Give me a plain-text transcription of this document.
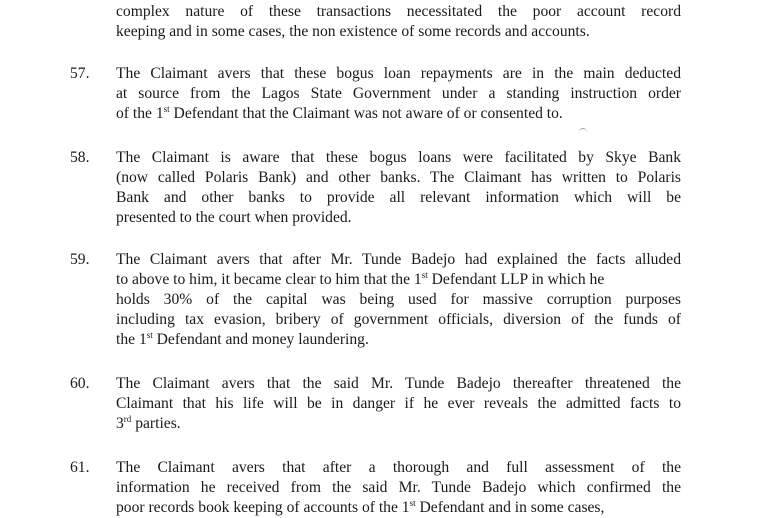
complex nature of these transactions necessitated the poor account record
keeping and in some cases, the non existence of some records and accounts.
57. The Claimant avers that these bogus loan repayments are in the main deducted
at source from the Lagos State Government under a standing instruction order
of the 1st Defendant that the Claimant was not aware of or consented to.
58. The Claimant is aware that these bogus loans were facilitated by Skye Bank
(now called Polaris Bank) and other banks. The Claimant has written to Polaris
Bank and other banks to provide all relevant information which will be
presented to the court when provided.
59. The Claimant avers that after Mr. Tunde Badejo had explained the facts alluded
to above to him, it became clear to him that the 1st Defendant LLP in which he
holds 30% of the capital was being used for massive corruption purposes
including tax evasion, bribery of government officials, diversion of the funds of
the 1st Defendant and money laundering.
60. The Claimant avers that the said Mr. Tunde Badejo thereafter threatened the
Claimant that his life will be in danger if he ever reveals the admitted facts to
3rd parties.
61. The Claimant avers that after a thorough and full assessment of the
information he received from the said Mr. Tunde Badejo which confirmed the
poor records book keeping of accounts of the 1st Defendant and in some cases,
